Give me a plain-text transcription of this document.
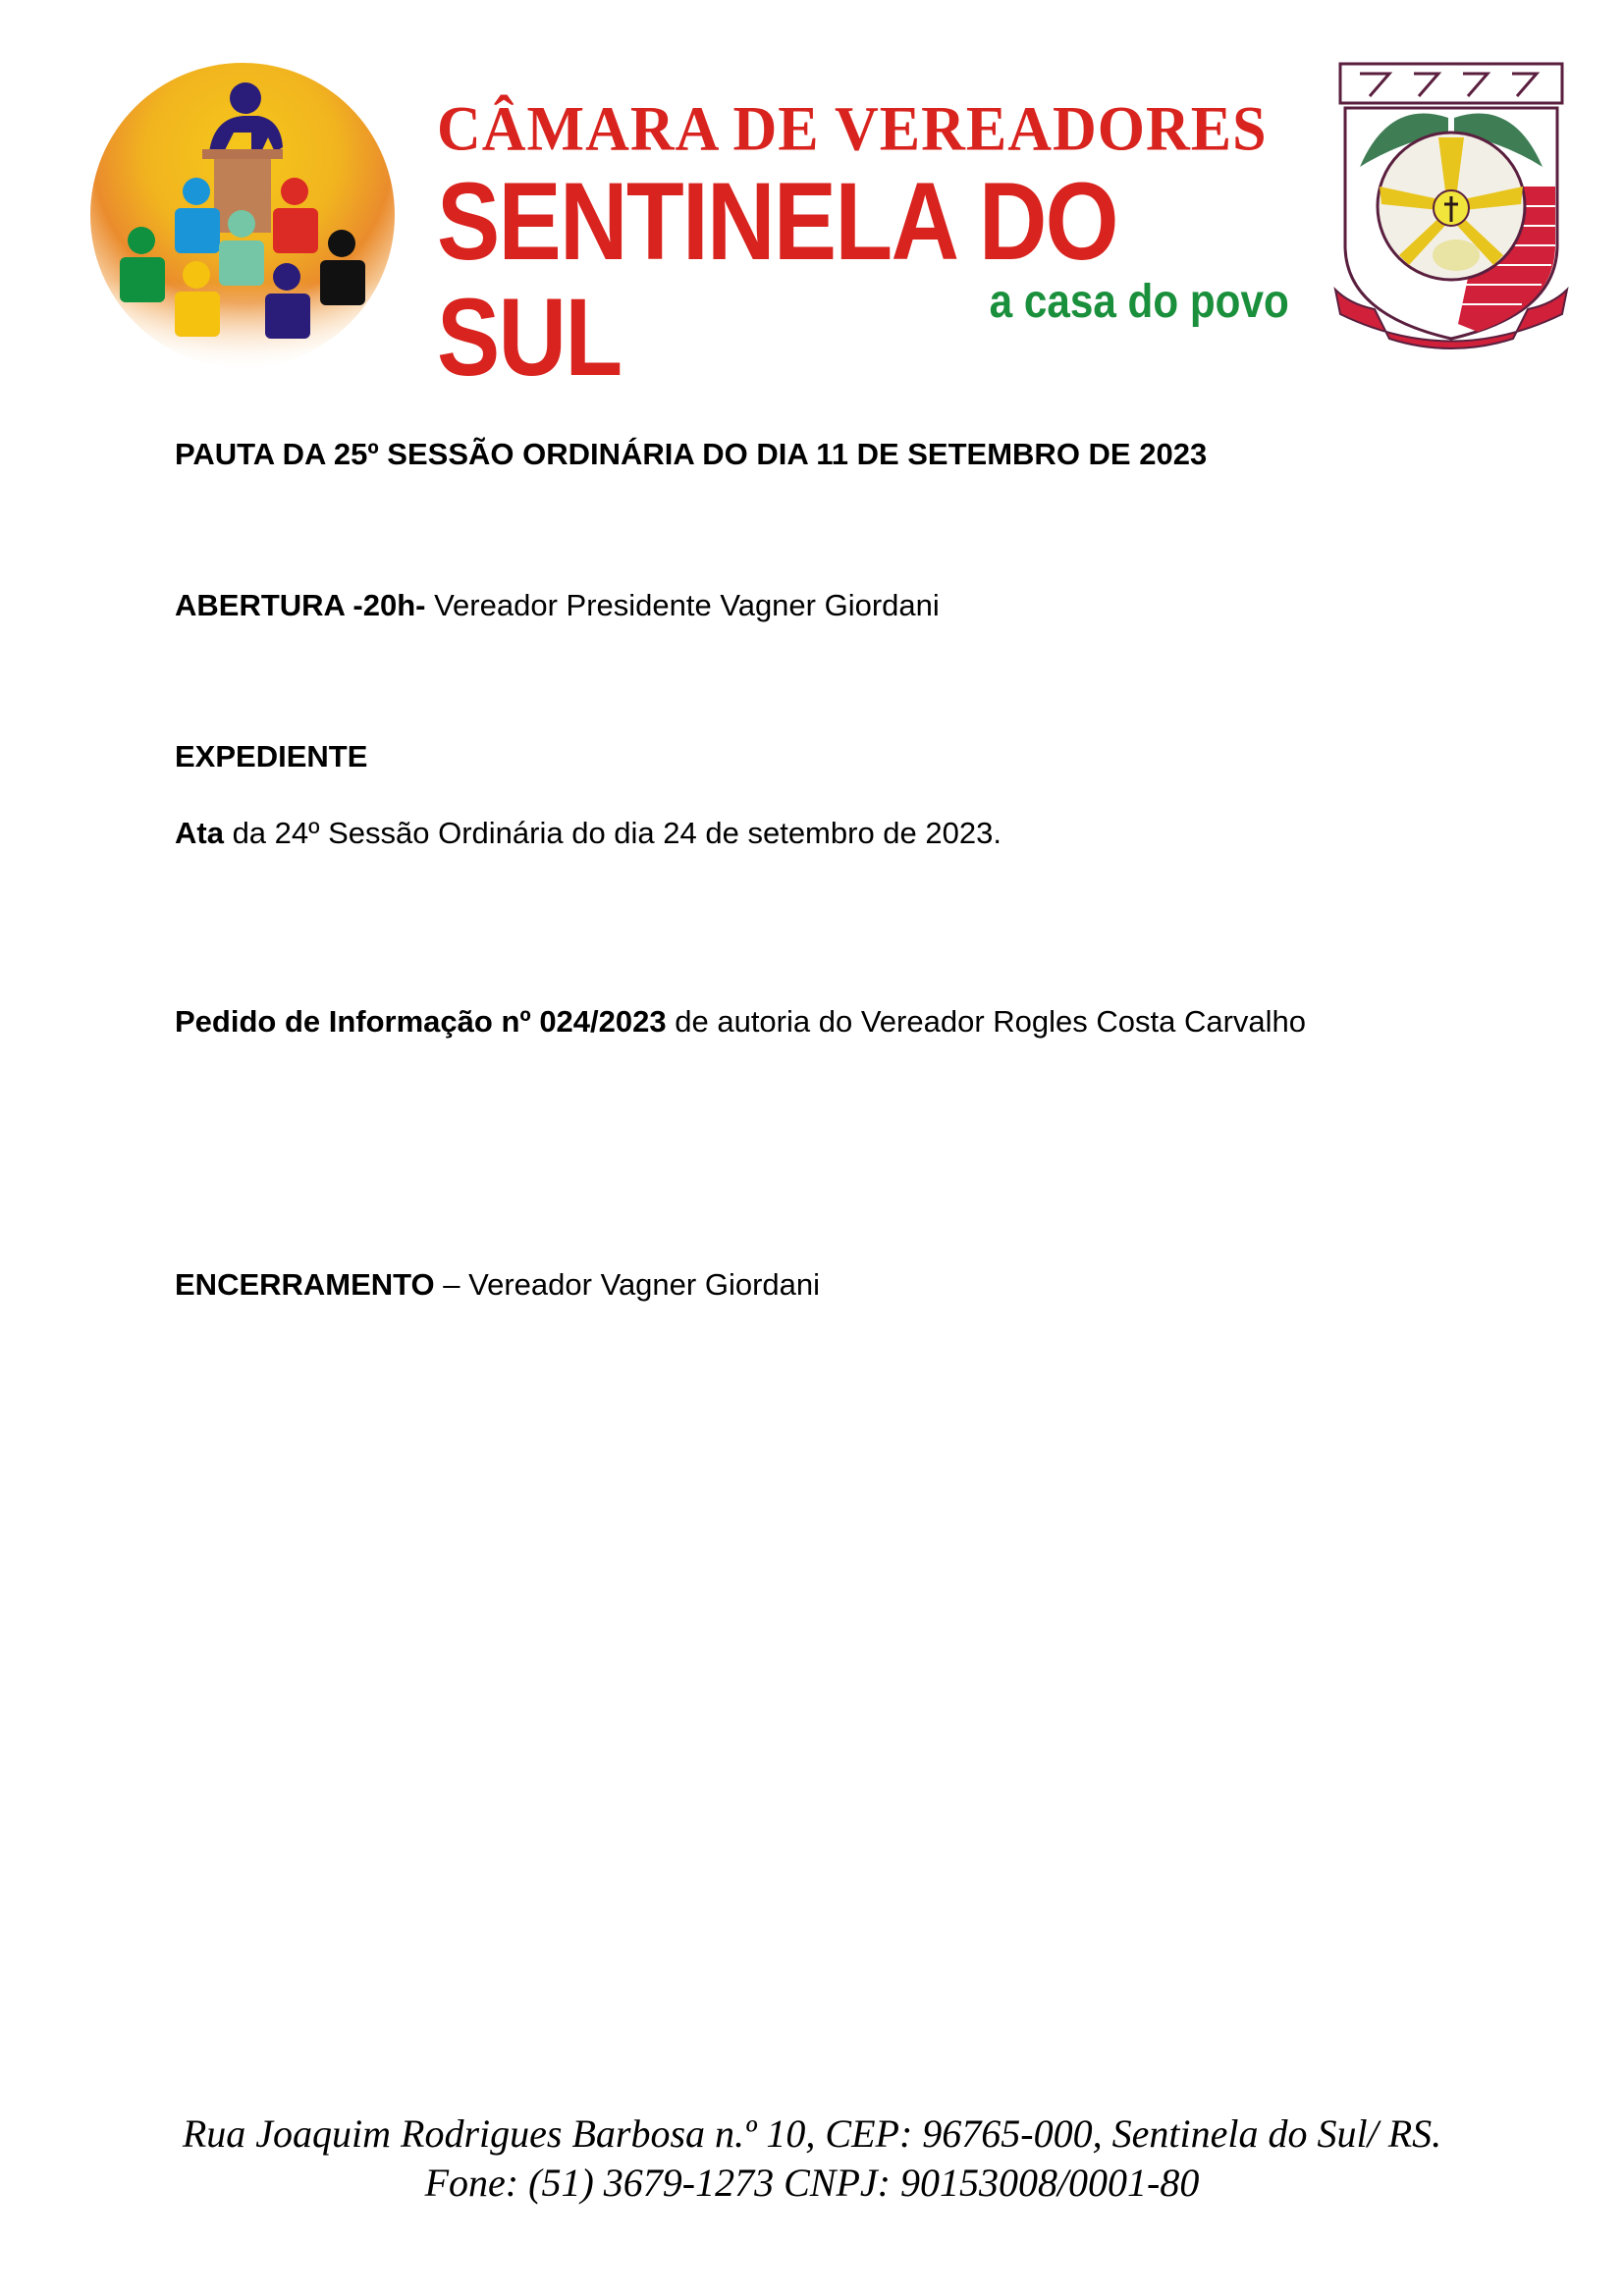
CÂMARA DE VEREADORES
SENTINELA DO SUL	a casa do povo
PAUTA DA 25º SESSÃO ORDINÁRIA DO DIA 11 DE SETEMBRO DE 2023
ABERTURA -20h- Vereador Presidente Vagner Giordani
EXPEDIENTE
Ata da 24º Sessão Ordinária do dia 24 de setembro de 2023.
Pedido de Informação nº 024/2023 de autoria do Vereador Rogles Costa Carvalho
ENCERRAMENTO – Vereador Vagner Giordani
Rua Joaquim Rodrigues Barbosa n.º 10, CEP: 96765-000, Sentinela do Sul/ RS.
Fone: (51) 3679-1273 CNPJ: 90153008/0001-80
